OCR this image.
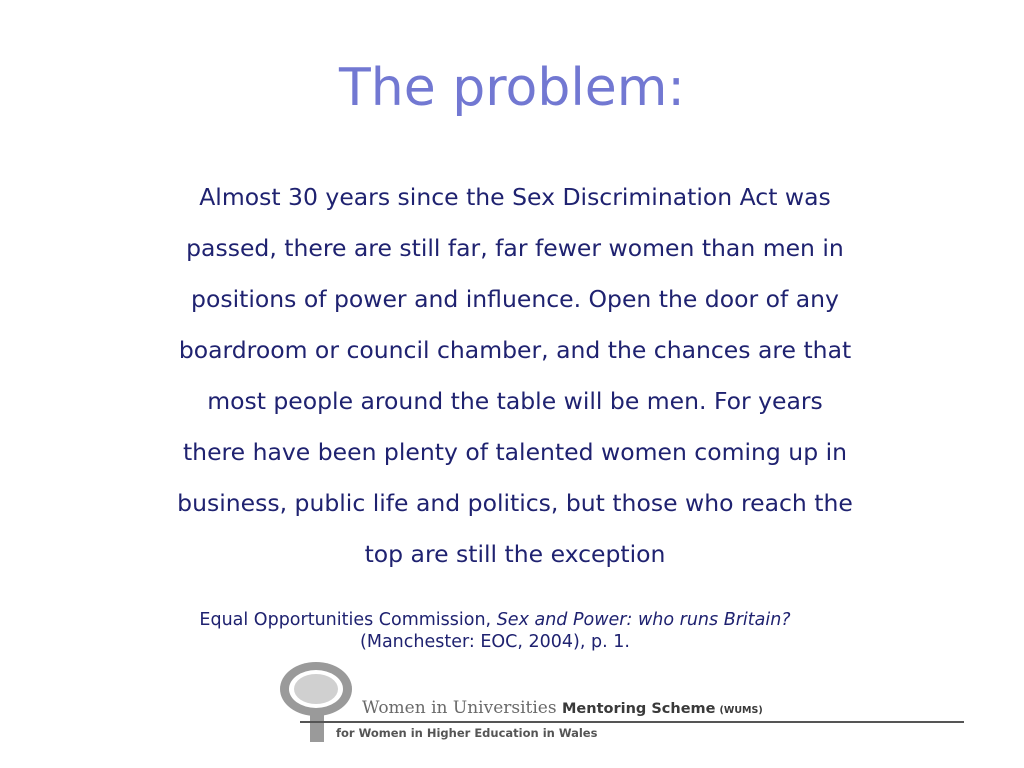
The problem:
Almost 30 years since the Sex Discrimination Act was
passed, there are still far, far fewer women than men in
positions of power and influence. Open the door of any
boardroom or council chamber, and the chances are that
most people around the table will be men. For years
there have been plenty of talented women coming up in
business, public life and politics, but those who reach the
top are still the exception
Equal Opportunities Commission, Sex and Power: who runs Britain?
(Manchester: EOC, 2004), p. 1.
Women in Universities Mentoring Scheme (WUMS)
for Women in Higher Education in Wales
